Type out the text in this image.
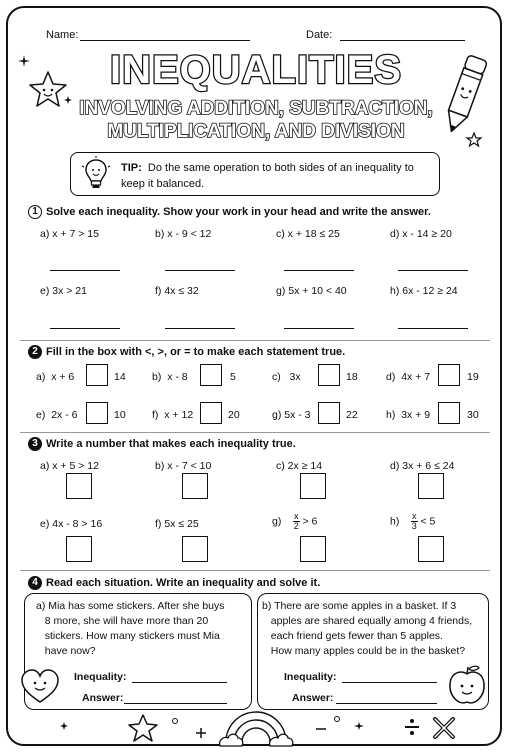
Name:	Date:
INEQUALITIES
INVOLVING ADDITION, SUBTRACTION,
MULTIPLICATION, AND DIVISION
TIP: Do the same operation to both sides of an inequality to keep it balanced.
1 Solve each inequality. Show your work in your head and write the answer.
a) x + 7 > 15	b) x - 9 < 12	c) x + 18 ≤ 25	d) x - 14 ≥ 20
e) 3x > 21	f) 4x ≤ 32	g) 5x + 10 < 40	h) 6x - 12 ≥ 24
2 Fill in the box with <, >, or = to make each statement true.
a) x + 6	14	b) x - 8	5	c) 3x	18	d) 4x + 7	19
e) 2x - 6	10	f) x + 12	20	g) 5x - 3	22	h) 3x + 9	30
3 Write a number that makes each inequality true.
a) x + 5 > 12	b) x - 7 < 10	c) 2x ≥ 14	d) 3x + 6 ≤ 24
e) 4x - 8 > 16	f) 5x ≤ 25	$g) \frac{x}{2} > 6$	$h) \frac{x}{3} < 5$
4 Read each situation. Write an inequality and solve it.
a) Mia has some stickers. After she buys
8 more, she will have more than 20
stickers. How many stickers must Mia
have now?
Inequality:
Answer:
b) There are some apples in a basket. If 3
apples are shared equally among 4 friends,
each friend gets fewer than 5 apples.
How many apples could be in the basket?
Inequality:
Answer:
